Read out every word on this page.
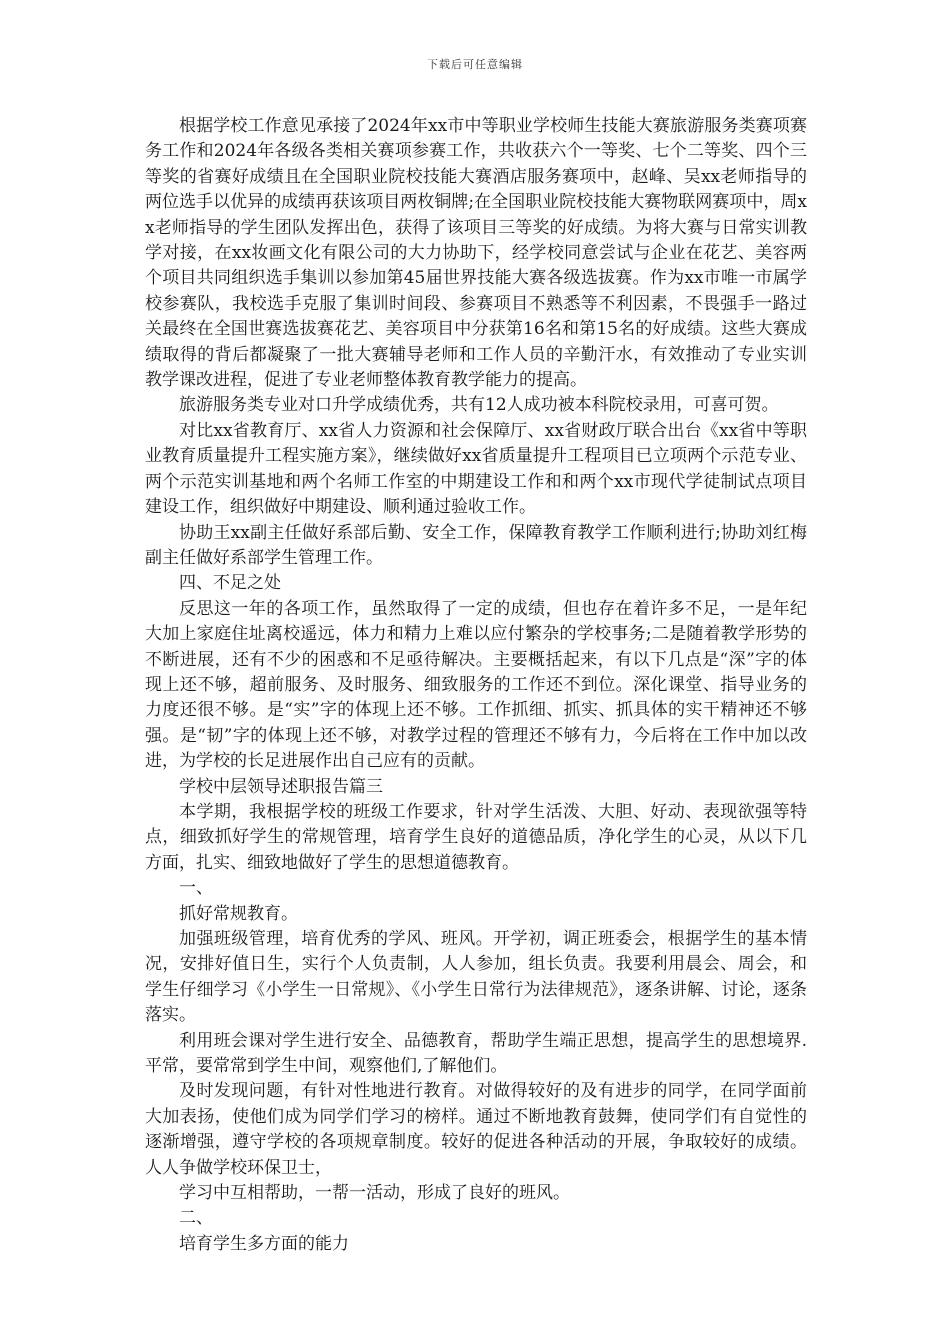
下载后可任意编辑

根据学校工作意见承接了2024年xx市中等职业学校师生技能大赛旅游服务类赛项赛务工作和2024年各级各类相关赛项参赛工作，共收获六个一等奖、七个二等奖、四个三等奖的省赛好成绩且在全国职业院校技能大赛酒店服务赛项中，赵峰、吴xx老师指导的两位选手以优异的成绩再获该项目两枚铜牌;在全国职业院校技能大赛物联网赛项中，周xx老师指导的学生团队发挥出色，获得了该项目三等奖的好成绩。为将大赛与日常实训教学对接，在xx妆画文化有限公司的大力协助下，经学校同意尝试与企业在花艺、美容两个项目共同组织选手集训以参加第45届世界技能大赛各级选拔赛。作为xx市唯一市属学校参赛队，我校选手克服了集训时间段、参赛项目不熟悉等不利因素，不畏强手一路过关最终在全国世赛选拔赛花艺、美容项目中分获第16名和第15名的好成绩。这些大赛成绩取得的背后都凝聚了一批大赛辅导老师和工作人员的辛勤汗水，有效推动了专业实训教学课改进程，促进了专业老师整体教育教学能力的提高。

旅游服务类专业对口升学成绩优秀，共有12人成功被本科院校录用，可喜可贺。

对比xx省教育厅、xx省人力资源和社会保障厅、xx省财政厅联合出台《xx省中等职业教育质量提升工程实施方案》，继续做好xx省质量提升工程项目已立项两个示范专业、两个示范实训基地和两个名师工作室的中期建设工作和和两个xx市现代学徒制试点项目建设工作，组织做好中期建设、顺利通过验收工作。

协助王xx副主任做好系部后勤、安全工作，保障教育教学工作顺利进行;协助刘红梅副主任做好系部学生管理工作。

四、不足之处

反思这一年的各项工作，虽然取得了一定的成绩，但也存在着许多不足，一是年纪大加上家庭住址离校遥远，体力和精力上难以应付繁杂的学校事务;二是随着教学形势的不断进展，还有不少的困惑和不足亟待解决。主要概括起来，有以下几点是“深”字的体现上还不够，超前服务、及时服务、细致服务的工作还不到位。深化课堂、指导业务的力度还很不够。是“实”字的体现上还不够。工作抓细、抓实、抓具体的实干精神还不够强。是“韧”字的体现上还不够，对教学过程的管理还不够有力，今后将在工作中加以改进，为学校的长足进展作出自己应有的贡献。

学校中层领导述职报告篇三

本学期，我根据学校的班级工作要求，针对学生活泼、大胆、好动、表现欲强等特点，细致抓好学生的常规管理，培育学生良好的道德品质，净化学生的心灵，从以下几方面，扎实、细致地做好了学生的思想道德教育。

一、

抓好常规教育。

加强班级管理，培育优秀的学风、班风。开学初，调正班委会，根据学生的基本情况，安排好值日生，实行个人负责制，人人参加，组长负责。我要利用晨会、周会，和学生仔细学习《小学生一日常规》、《小学生日常行为法律规范》，逐条讲解、讨论，逐条落实。

利用班会课对学生进行安全、品德教育，帮助学生端正思想，提高学生的思想境界.平常，要常常到学生中间，观察他们,了解他们。

及时发现问题，有针对性地进行教育。对做得较好的及有进步的同学，在同学面前大加表扬，使他们成为同学们学习的榜样。通过不断地教育鼓舞，使同学们有自觉性的逐渐增强，遵守学校的各项规章制度。较好的促进各种活动的开展，争取较好的成绩。人人争做学校环保卫士，

学习中互相帮助，一帮一活动，形成了良好的班风。

二、

培育学生多方面的能力
